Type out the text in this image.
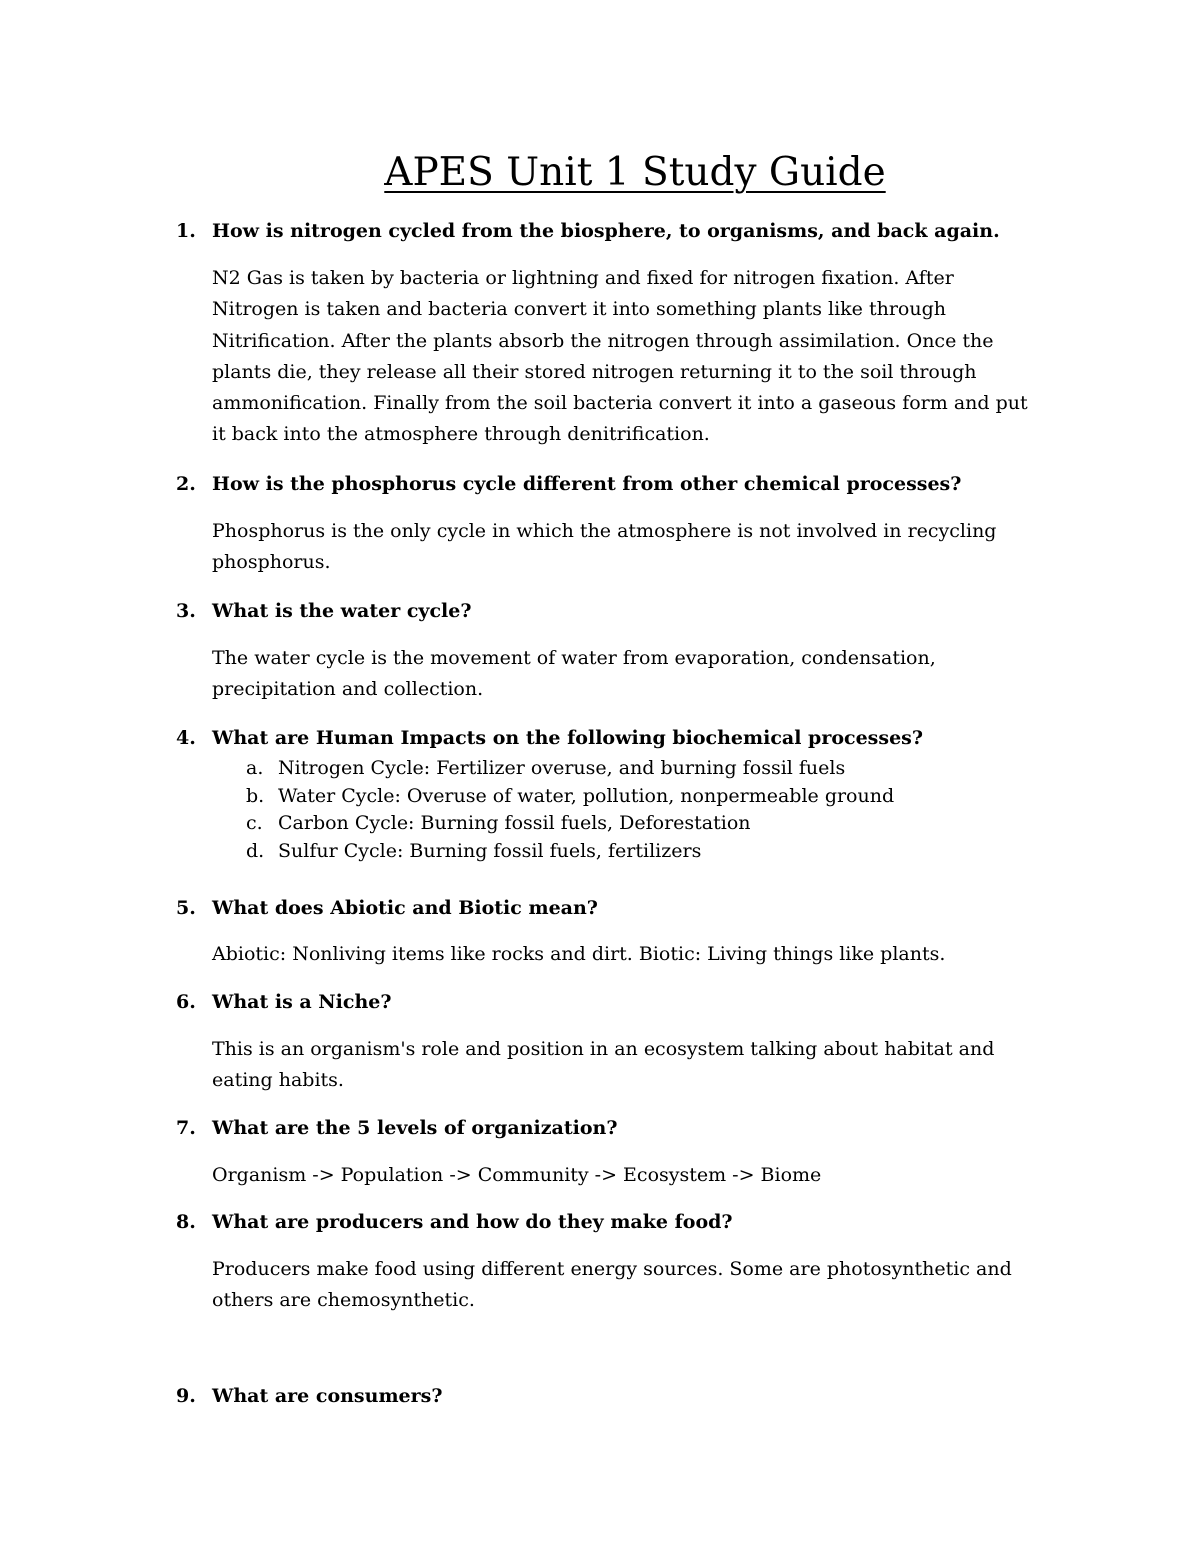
APES Unit 1 Study Guide
1. How is nitrogen cycled from the biosphere, to organisms, and back again.
N2 Gas is taken by bacteria or lightning and fixed for nitrogen fixation. After
Nitrogen is taken and bacteria convert it into something plants like through
Nitrification. After the plants absorb the nitrogen through assimilation. Once the
plants die, they release all their stored nitrogen returning it to the soil through
ammonification. Finally from the soil bacteria convert it into a gaseous form and put
it back into the atmosphere through denitrification.
2. How is the phosphorus cycle different from other chemical processes?
Phosphorus is the only cycle in which the atmosphere is not involved in recycling
phosphorus.
3. What is the water cycle?
The water cycle is the movement of water from evaporation, condensation,
precipitation and collection.
4. What are Human Impacts on the following biochemical processes?
a. Nitrogen Cycle: Fertilizer overuse, and burning fossil fuels
b. Water Cycle: Overuse of water, pollution, nonpermeable ground
c. Carbon Cycle: Burning fossil fuels, Deforestation
d. Sulfur Cycle: Burning fossil fuels, fertilizers
5. What does Abiotic and Biotic mean?
Abiotic: Nonliving items like rocks and dirt. Biotic: Living things like plants.
6. What is a Niche?
This is an organism's role and position in an ecosystem talking about habitat and
eating habits.
7. What are the 5 levels of organization?
Organism -> Population -> Community -> Ecosystem -> Biome
8. What are producers and how do they make food?
Producers make food using different energy sources. Some are photosynthetic and
others are chemosynthetic.
9. What are consumers?
